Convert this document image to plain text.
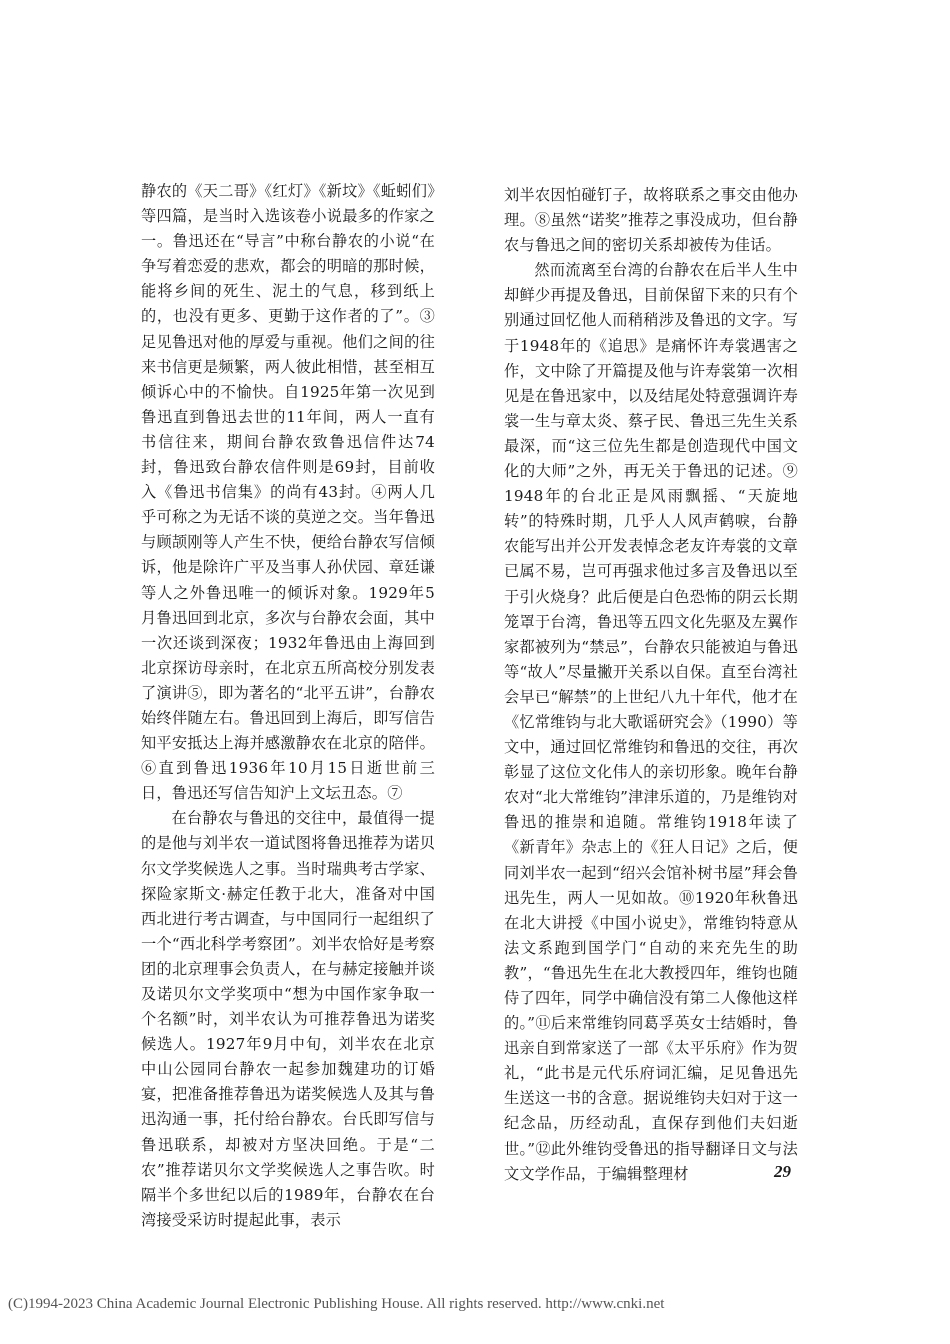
静农的《天二哥》《红灯》《新坟》《蚯蚓们》等四篇，是当时入选该卷小说最多的作家之一。鲁迅还在“导言”中称台静农的小说“在争写着恋爱的悲欢，都会的明暗的那时候，能将乡间的死生、泥土的气息，移到纸上的，也没有更多、更勤于这作者的了”。③足见鲁迅对他的厚爱与重视。他们之间的往来书信更是频繁，两人彼此相惜，甚至相互倾诉心中的不愉快。自1925年第一次见到鲁迅直到鲁迅去世的11年间，两人一直有书信往来，期间台静农致鲁迅信件达74封，鲁迅致台静农信件则是69封，目前收入《鲁迅书信集》的尚有43封。④两人几乎可称之为无话不谈的莫逆之交。当年鲁迅与顾颉刚等人产生不快，便给台静农写信倾诉，他是除许广平及当事人孙伏园、章廷谦等人之外鲁迅唯一的倾诉对象。1929年5月鲁迅回到北京，多次与台静农会面，其中一次还谈到深夜；1932年鲁迅由上海回到北京探访母亲时，在北京五所高校分别发表了演讲⑤，即为著名的“北平五讲”，台静农始终伴随左右。鲁迅回到上海后，即写信告知平安抵达上海并感激静农在北京的陪伴。⑥直到鲁迅1936年10月15日逝世前三日，鲁迅还写信告知沪上文坛丑态。⑦

在台静农与鲁迅的交往中，最值得一提的是他与刘半农一道试图将鲁迅推荐为诺贝尔文学奖候选人之事。当时瑞典考古学家、探险家斯文·赫定任教于北大，准备对中国西北进行考古调查，与中国同行一起组织了一个“西北科学考察团”。刘半农恰好是考察团的北京理事会负责人，在与赫定接触并谈及诺贝尔文学奖项中“想为中国作家争取一个名额”时，刘半农认为可推荐鲁迅为诺奖候选人。1927年9月中旬，刘半农在北京中山公园同台静农一起参加魏建功的订婚宴，把准备推荐鲁迅为诺奖候选人及其与鲁迅沟通一事，托付给台静农。台氏即写信与鲁迅联系，却被对方坚决回绝。于是“二农”推荐诺贝尔文学奖候选人之事告吹。时隔半个多世纪以后的1989年，台静农在台湾接受采访时提起此事，表示

刘半农因怕碰钉子，故将联系之事交由他办理。⑧虽然“诺奖”推荐之事没成功，但台静农与鲁迅之间的密切关系却被传为佳话。

然而流离至台湾的台静农在后半人生中却鲜少再提及鲁迅，目前保留下来的只有个别通过回忆他人而稍稍涉及鲁迅的文字。写于1948年的《追思》是痛怀许寿裳遇害之作，文中除了开篇提及他与许寿裳第一次相见是在鲁迅家中，以及结尾处特意强调许寿裳一生与章太炎、蔡孑民、鲁迅三先生关系最深，而“这三位先生都是创造现代中国文化的大师”之外，再无关于鲁迅的记述。⑨1948年的台北正是风雨飘摇、“天旋地转”的特殊时期，几乎人人风声鹤唳，台静农能写出并公开发表悼念老友许寿裳的文章已属不易，岂可再强求他过多言及鲁迅以至于引火烧身？此后便是白色恐怖的阴云长期笼罩于台湾，鲁迅等五四文化先驱及左翼作家都被列为“禁忌”，台静农只能被迫与鲁迅等“故人”尽量撇开关系以自保。直至台湾社会早已“解禁”的上世纪八九十年代，他才在《忆常维钧与北大歌谣研究会》（1990）等文中，通过回忆常维钧和鲁迅的交往，再次彰显了这位文化伟人的亲切形象。晚年台静农对“北大常维钧”津津乐道的，乃是维钧对鲁迅的推崇和追随。常维钧1918年读了《新青年》杂志上的《狂人日记》之后，便同刘半农一起到“绍兴会馆补树书屋”拜会鲁迅先生，两人一见如故。⑩1920年秋鲁迅在北大讲授《中国小说史》，常维钧特意从法文系跑到国学门“自动的来充先生的助教”，“鲁迅先生在北大教授四年，维钧也随侍了四年，同学中确信没有第二人像他这样的。”⑪后来常维钧同葛孚英女士结婚时，鲁迅亲自到常家送了一部《太平乐府》作为贺礼，“此书是元代乐府词汇编，足见鲁迅先生送这一书的含意。据说维钧夫妇对于这一纪念品，历经动乱，直保存到他们夫妇逝世。”⑫此外维钧受鲁迅的指导翻译日文与法文文学作品，于编辑整理材	29
(C)1994-2023 China Academic Journal Electronic Publishing House. All rights reserved. http://www.cnki.net
